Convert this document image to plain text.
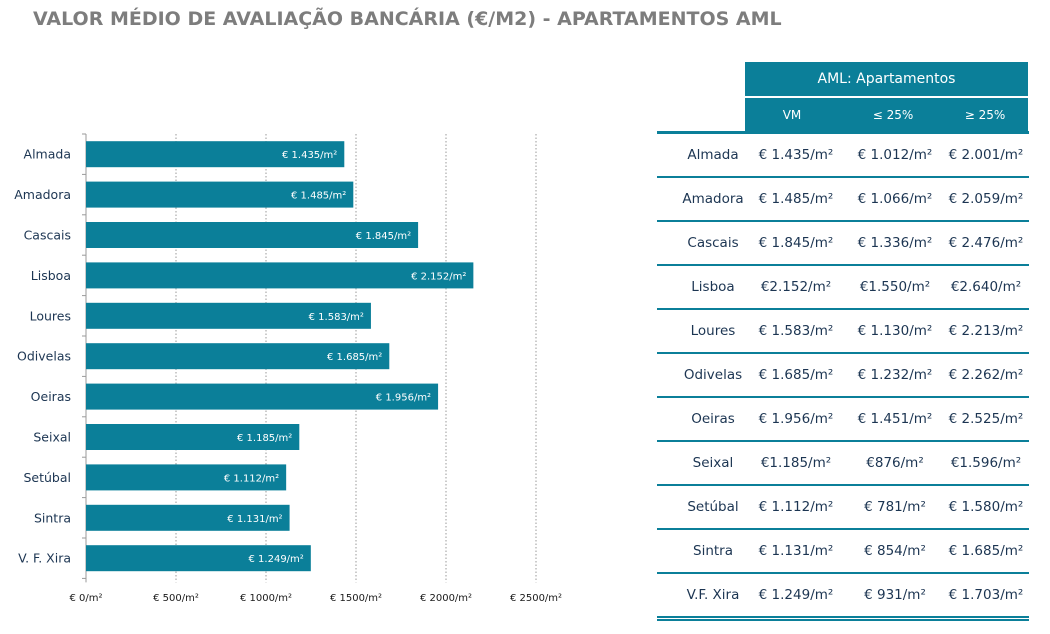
VALOR MÉDIO DE AVALIAÇÃO BANCÁRIA (€/M2) - APARTAMENTOS AML
Almada	€ 1.435/m²
Amadora	€ 1.485/m²
Cascais	€ 1.845/m²
Lisboa	€ 2.152/m²
Loures	€ 1.583/m²
Odivelas	€ 1.685/m²
Oeiras	€ 1.956/m²
Seixal	€ 1.185/m²
Setúbal	€ 1.112/m²
Sintra	€ 1.131/m²
V. F. Xira	€ 1.249/m²
€ 0/m²	€ 500/m²	€ 1000/m²	€ 1500/m²	€ 2000/m²	€ 2500/m²
AML: Apartamentos
VM	≤ 25%	≥ 25%
Almada	€ 1.435/m²	€ 1.012/m²	€ 2.001/m²
Amadora	€ 1.485/m²	€ 1.066/m²	€ 2.059/m²
Cascais	€ 1.845/m²	€ 1.336/m²	€ 2.476/m²
Lisboa	€2.152/m²	€1.550/m²	€2.640/m²
Loures	€ 1.583/m²	€ 1.130/m²	€ 2.213/m²
Odivelas	€ 1.685/m²	€ 1.232/m²	€ 2.262/m²
Oeiras	€ 1.956/m²	€ 1.451/m²	€ 2.525/m²
Seixal	€1.185/m²	€876/m²	€1.596/m²
Setúbal	€ 1.112/m²	€ 781/m²	€ 1.580/m²
Sintra	€ 1.131/m²	€ 854/m²	€ 1.685/m²
V.F. Xira	€ 1.249/m²	€ 931/m²	€ 1.703/m²
